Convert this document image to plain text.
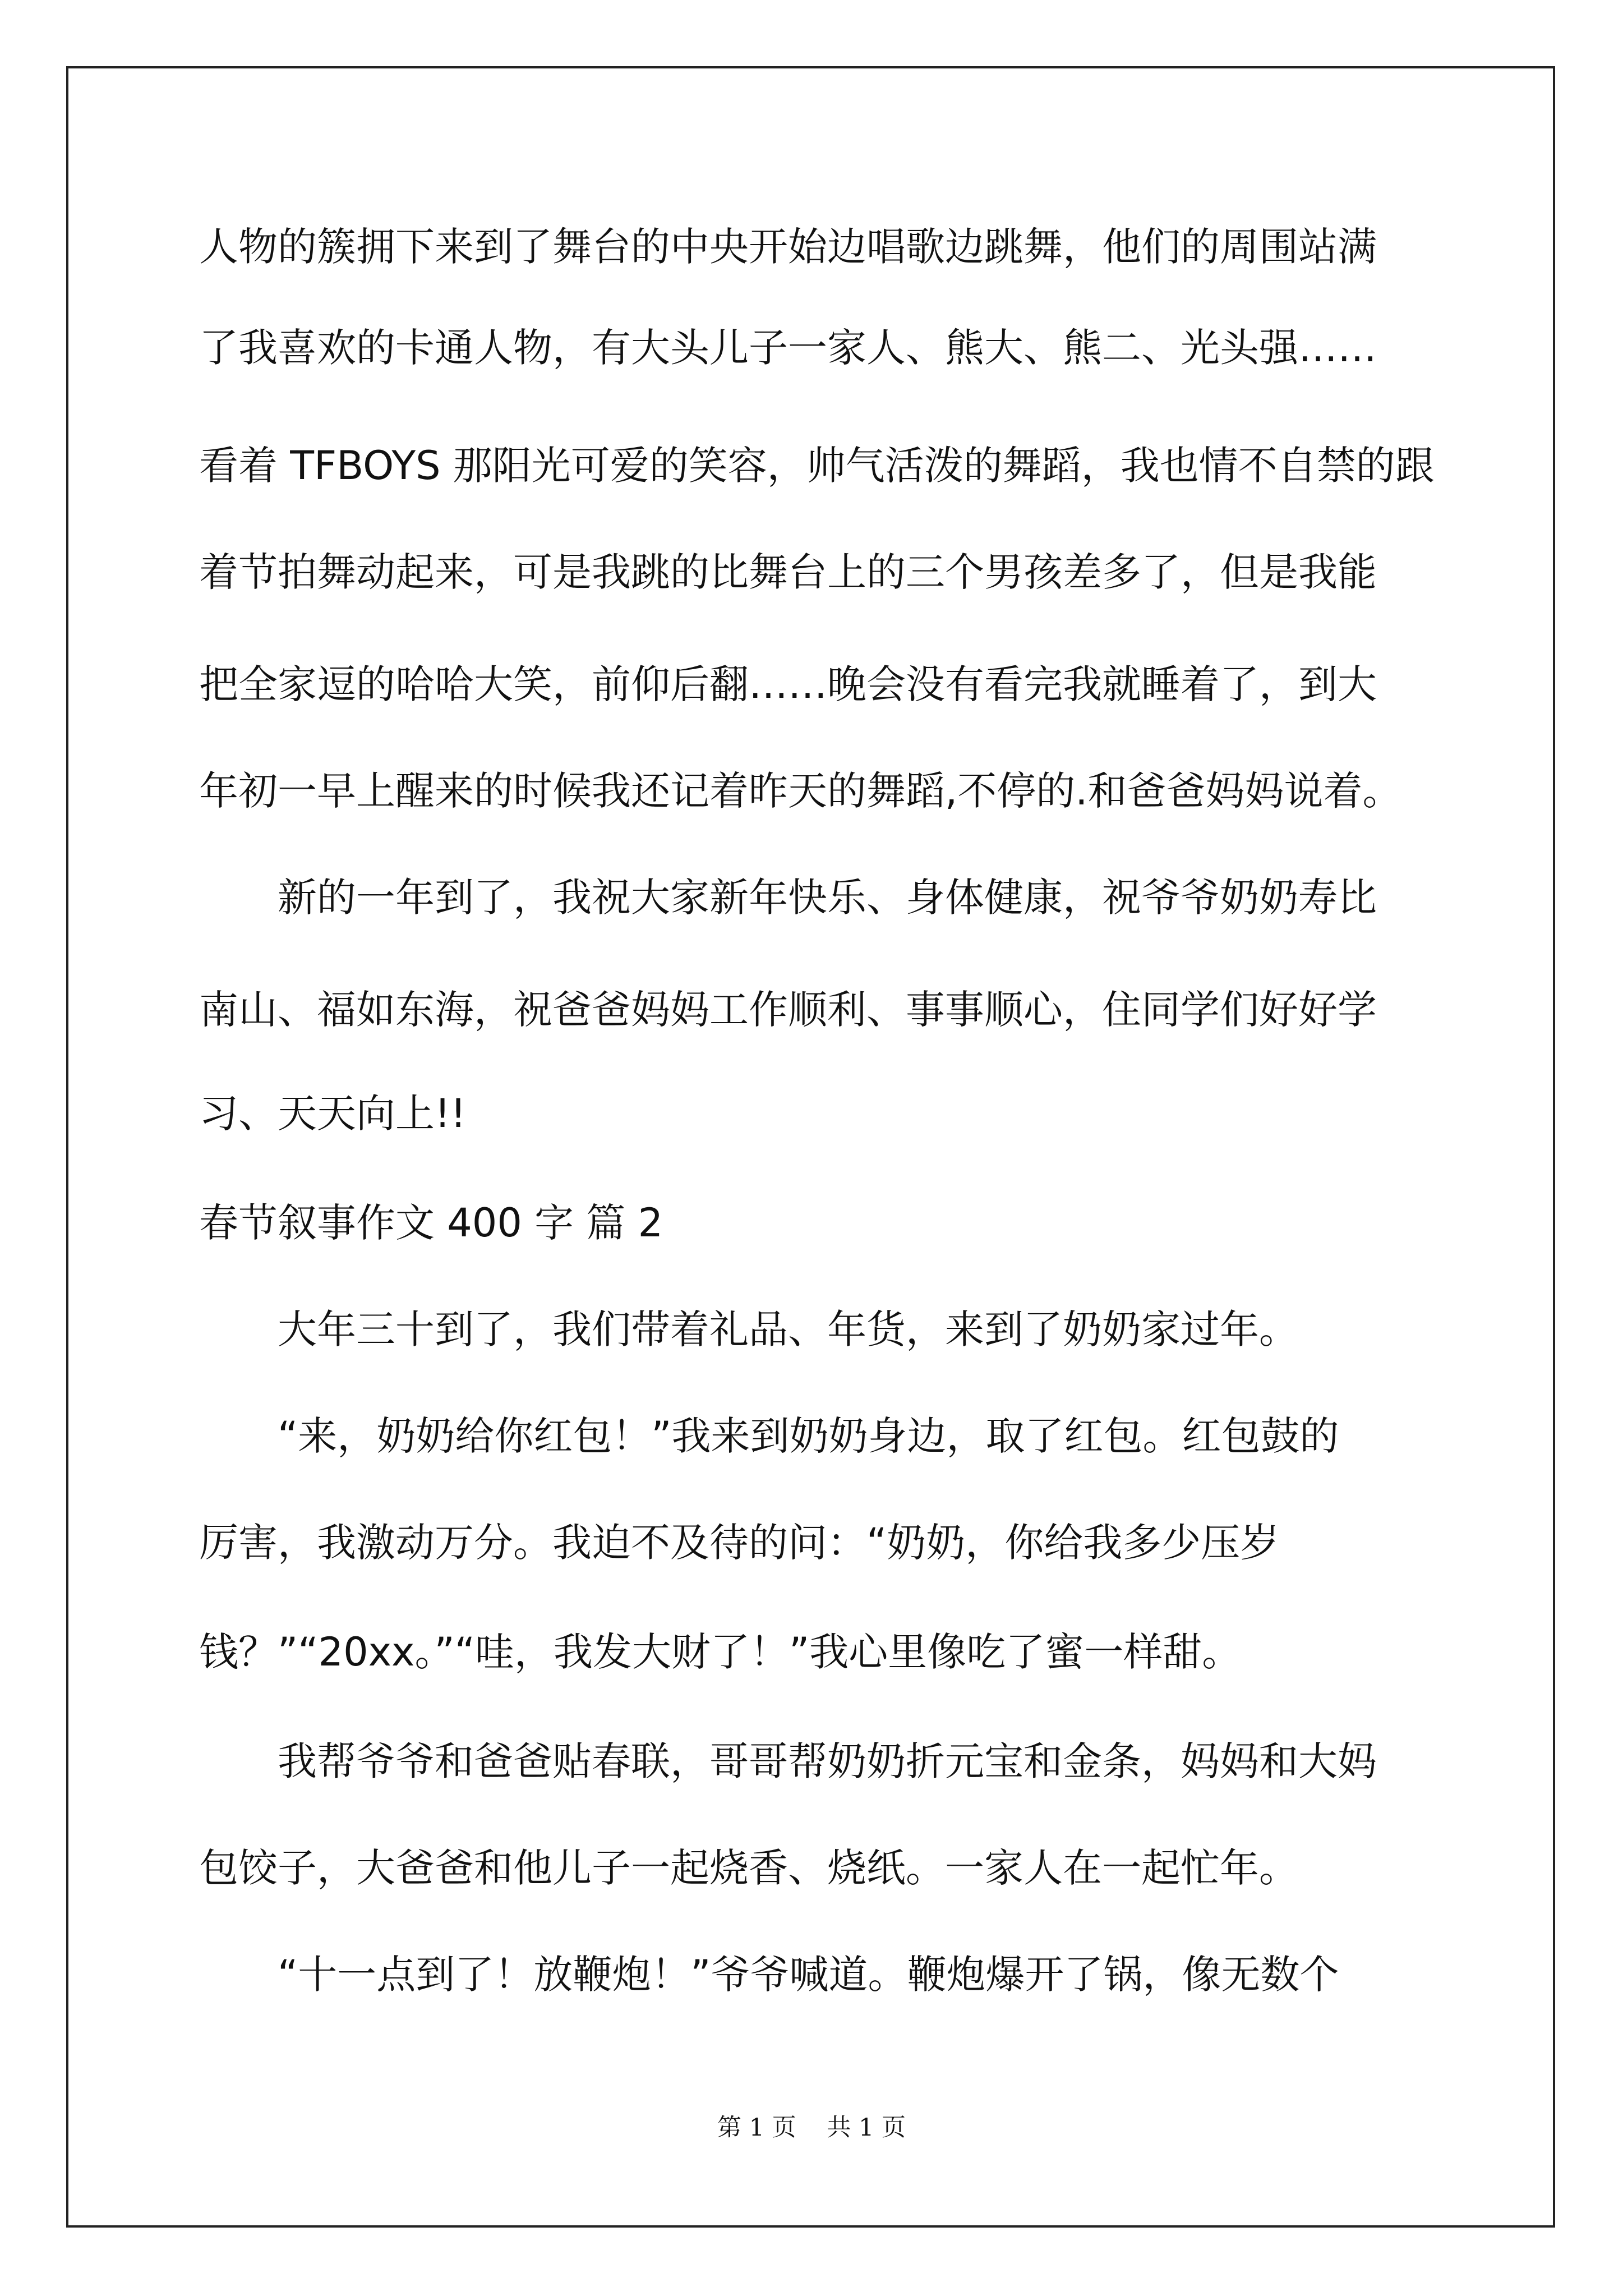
人物的簇拥下来到了舞台的中央开始边唱歌边跳舞，他们的周围站满

了我喜欢的卡通人物，有大头儿子一家人、熊大、熊二、光头强……

看着 TFBOYS 那阳光可爱的笑容，帅气活泼的舞蹈，我也情不自禁的跟

着节拍舞动起来，可是我跳的比舞台上的三个男孩差多了，但是我能

把全家逗的哈哈大笑，前仰后翻……晚会没有看完我就睡着了，到大

年初一早上醒来的时候我还记着昨天的舞蹈,不停的.和爸爸妈妈说着。

　　新的一年到了，我祝大家新年快乐、身体健康，祝爷爷奶奶寿比

南山、福如东海，祝爸爸妈妈工作顺利、事事顺心，住同学们好好学

习、天天向上!!

春节叙事作文 400 字 篇 2

　　大年三十到了，我们带着礼品、年货，来到了奶奶家过年。

　　“来，奶奶给你红包！”我来到奶奶身边，取了红包。红包鼓的

厉害，我激动万分。我迫不及待的问：“奶奶，你给我多少压岁

钱？”“20xx。”“哇，我发大财了！”我心里像吃了蜜一样甜。

　　我帮爷爷和爸爸贴春联，哥哥帮奶奶折元宝和金条，妈妈和大妈

包饺子，大爸爸和他儿子一起烧香、烧纸。一家人在一起忙年。

　　“十一点到了！放鞭炮！”爷爷喊道。鞭炮爆开了锅，像无数个

第 1 页    共 1 页
